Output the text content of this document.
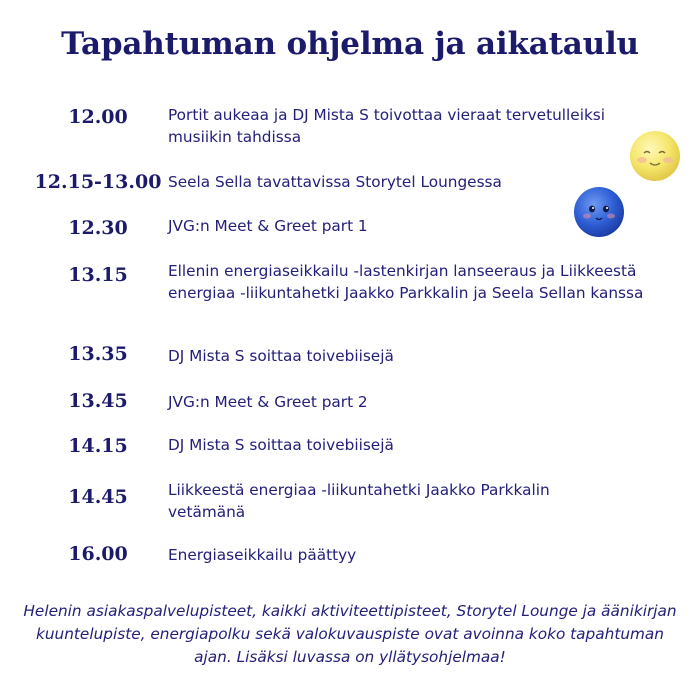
Tapahtuman ohjelma ja aikataulu
12.00	Portit aukeaa ja DJ Mista S toivottaa vieraat tervetulleiksi musiikin tahdissa
12.15-13.00 Seela Sella tavattavissa Storytel Loungessa
12.30	JVG:n Meet & Greet part 1
13.15	Ellenin energiaseikkailu -lastenkirjan lanseeraus ja Liikkeestä energiaa -liikuntahetki Jaakko Parkkalin ja Seela Sellan kanssa
13.35	DJ Mista S soittaa toivebiisejä
13.45	JVG:n Meet & Greet part 2
14.15	DJ Mista S soittaa toivebiisejä
14.45	Liikkeestä energiaa -liikuntahetki Jaakko Parkkalin vetämänä
16.00	Energiaseikkailu päättyy
Helenin asiakaspalvelupisteet, kaikki aktiviteettipisteet, Storytel Lounge ja äänikirjan kuuntelupiste, energiapolku sekä valokuvauspiste ovat avoinna koko tapahtuman ajan. Lisäksi luvassa on yllätysohjelmaa!
